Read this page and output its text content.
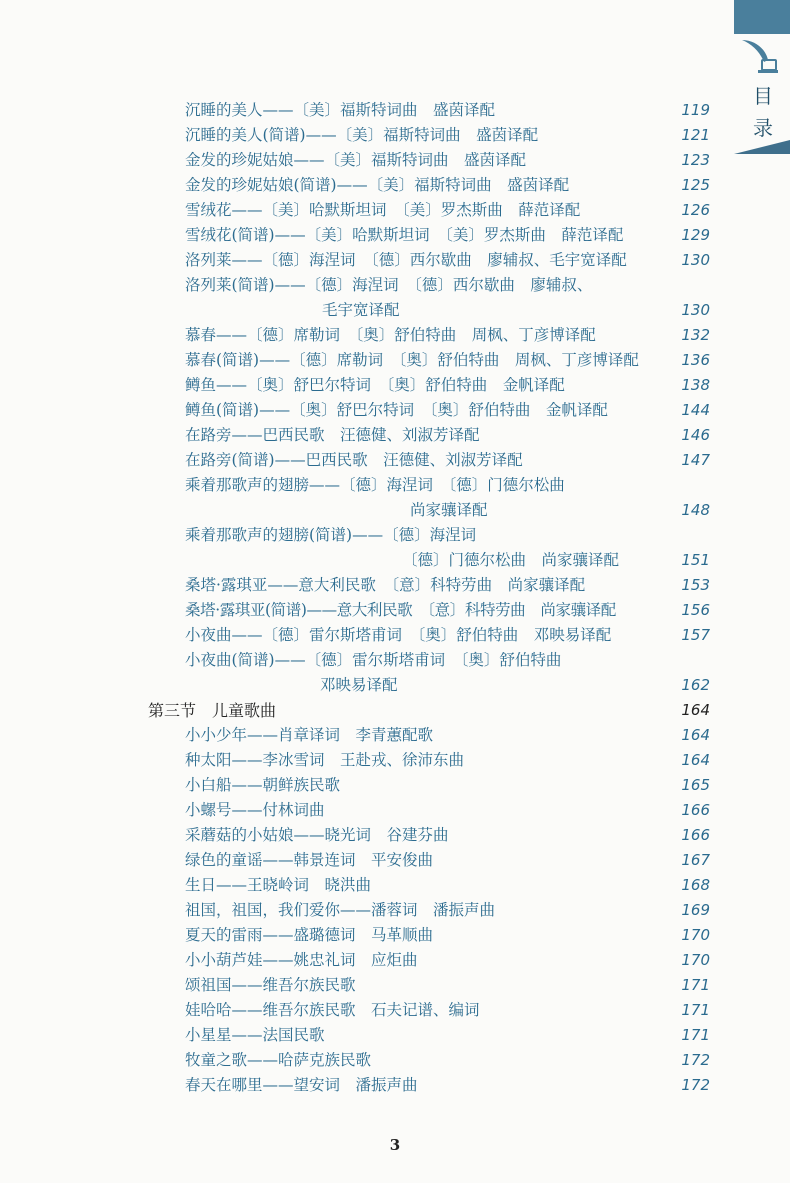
目
录
沉睡的美人——〔美〕福斯特词曲　盛茵译配	119
沉睡的美人(简谱)——〔美〕福斯特词曲　盛茵译配	121
金发的珍妮姑娘——〔美〕福斯特词曲　盛茵译配	123
金发的珍妮姑娘(简谱)——〔美〕福斯特词曲　盛茵译配	125
雪绒花——〔美〕哈默斯坦词　〔美〕罗杰斯曲　薛范译配	126
雪绒花(简谱)——〔美〕哈默斯坦词　〔美〕罗杰斯曲　薛范译配	129
洛列莱——〔德〕海涅词　〔德〕西尔歇曲　廖辅叔、毛宇宽译配	130
洛列莱(简谱)——〔德〕海涅词　〔德〕西尔歇曲　廖辅叔、
毛宇宽译配	130
慕春——〔德〕席勒词　〔奥〕舒伯特曲　周枫、丁彦博译配	132
慕春(简谱)——〔德〕席勒词　〔奥〕舒伯特曲　周枫、丁彦博译配	136
鳟鱼——〔奥〕舒巴尔特词　〔奥〕舒伯特曲　金帆译配	138
鳟鱼(简谱)——〔奥〕舒巴尔特词　〔奥〕舒伯特曲　金帆译配	144
在路旁——巴西民歌　汪德健、刘淑芳译配	146
在路旁(简谱)——巴西民歌　汪德健、刘淑芳译配	147
乘着那歌声的翅膀——〔德〕海涅词　〔德〕门德尔松曲
尚家骧译配	148
乘着那歌声的翅膀(简谱)——〔德〕海涅词
〔德〕门德尔松曲　尚家骧译配	151
桑塔·露琪亚——意大利民歌　〔意〕科特劳曲　尚家骧译配	153
桑塔·露琪亚(简谱)——意大利民歌　〔意〕科特劳曲　尚家骧译配	156
小夜曲——〔德〕雷尔斯塔甫词　〔奥〕舒伯特曲　邓映易译配	157
小夜曲(简谱)——〔德〕雷尔斯塔甫词　〔奥〕舒伯特曲
邓映易译配	162
第三节　儿童歌曲	164
小小少年——肖章译词　李青蕙配歌	164
种太阳——李冰雪词　王赴戎、徐沛东曲	164
小白船——朝鲜族民歌	165
小螺号——付林词曲	166
采蘑菇的小姑娘——晓光词　谷建芬曲	166
绿色的童谣——韩景连词　平安俊曲	167
生日——王晓岭词　晓洪曲	168
祖国，祖国，我们爱你——潘蓉词　潘振声曲	169
夏天的雷雨——盛璐德词　马革顺曲	170
小小葫芦娃——姚忠礼词　应炬曲	170
颂祖国——维吾尔族民歌	171
娃哈哈——维吾尔族民歌　石夫记谱、编词	171
小星星——法国民歌	171
牧童之歌——哈萨克族民歌	172
春天在哪里——望安词　潘振声曲	172
3
